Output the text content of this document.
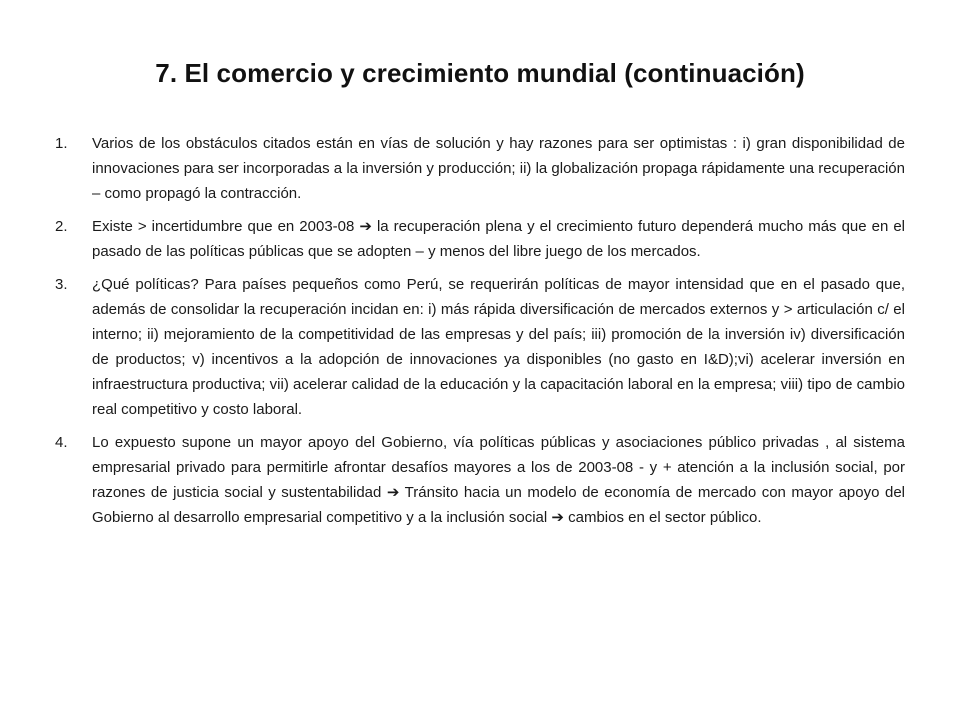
7. El comercio y crecimiento mundial (continuación)
1.	Varios de los obstáculos citados están en vías de solución y hay razones para ser optimistas : i) gran disponibilidad de innovaciones para ser incorporadas a la inversión y producción; ii) la globalización propaga rápidamente una recuperación – como propagó la contracción.
2.	Existe > incertidumbre que en 2003-08 ➔ la recuperación plena y el crecimiento futuro dependerá mucho más que en el pasado de las políticas públicas que se adopten – y menos del libre juego de los mercados.
3.	¿Qué políticas? Para países pequeños como Perú, se requerirán políticas de mayor intensidad que en el pasado que, además de consolidar la recuperación incidan en: i) más rápida diversificación de mercados externos y > articulación c/ el interno; ii) mejoramiento de la competitividad de las empresas y del país; iii) promoción de la inversión iv) diversificación de productos; v) incentivos a la adopción de innovaciones ya disponibles (no gasto en I&D);vi) acelerar inversión en infraestructura productiva; vii) acelerar calidad de la educación y la capacitación laboral en la empresa; viii) tipo de cambio real competitivo y costo laboral.
4.	Lo expuesto supone un mayor apoyo del Gobierno, vía políticas públicas y asociaciones público privadas , al sistema empresarial privado para permitirle afrontar desafíos mayores a los de 2003-08 - y + atención a la inclusión social, por razones de justicia social y sustentabilidad ➔ Tránsito hacia un modelo de economía de mercado con mayor apoyo del Gobierno al desarrollo empresarial competitivo y a la inclusión social ➔ cambios en el sector público.
